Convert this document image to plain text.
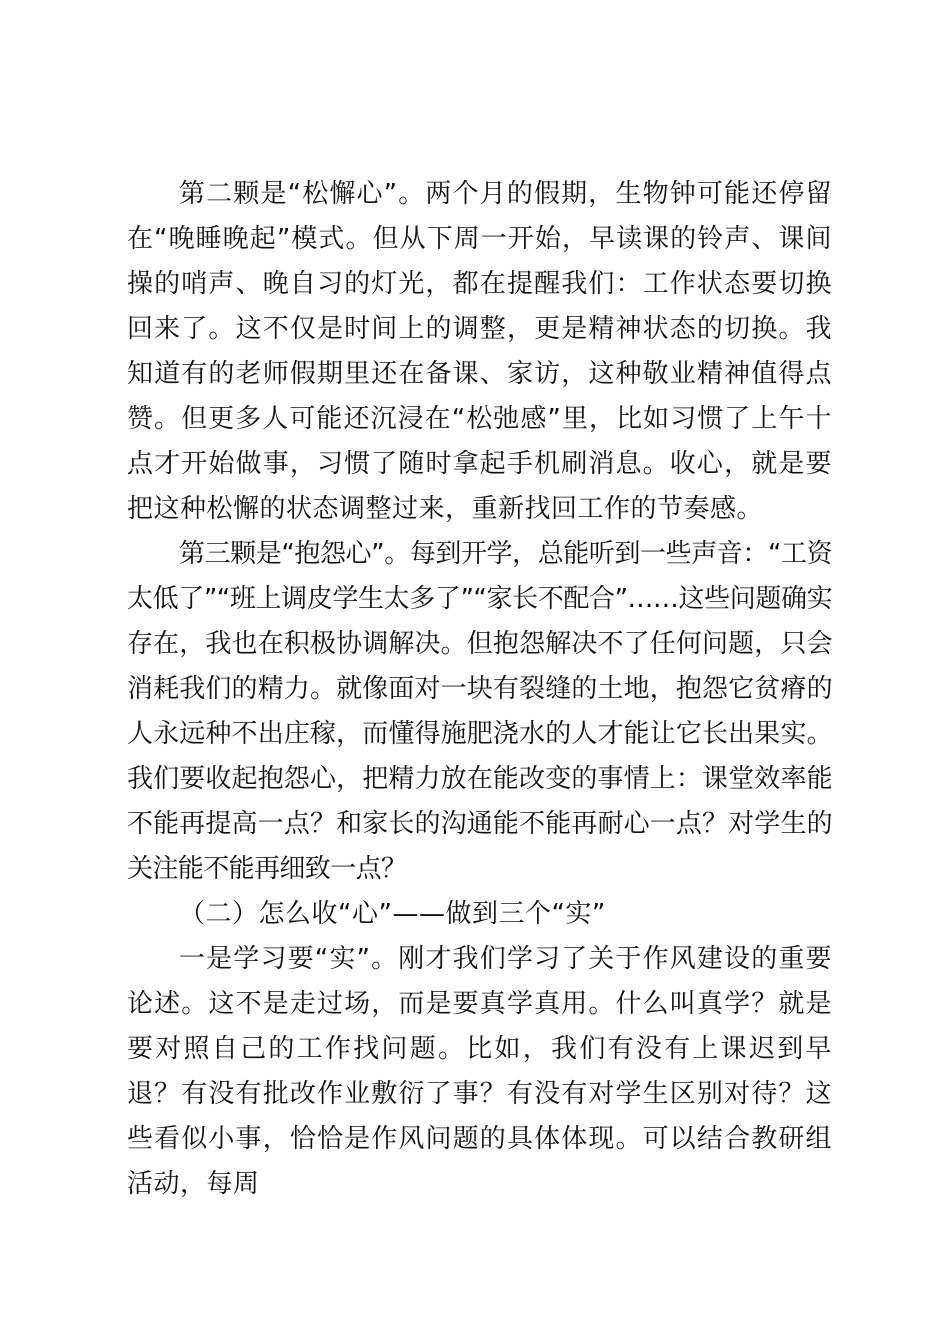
第二颗是“松懈心”。两个月的假期，生物钟可能还停留在“晚睡晚起”模式。但从下周一开始，早读课的铃声、课间操的哨声、晚自习的灯光，都在提醒我们：工作状态要切换回来了。这不仅是时间上的调整，更是精神状态的切换。我知道有的老师假期里还在备课、家访，这种敬业精神值得点赞。但更多人可能还沉浸在“松弛感”里，比如习惯了上午十点才开始做事，习惯了随时拿起手机刷消息。收心，就是要把这种松懈的状态调整过来，重新找回工作的节奏感。

第三颗是“抱怨心”。每到开学，总能听到一些声音：“工资太低了”“班上调皮学生太多了”“家长不配合”……这些问题确实存在，我也在积极协调解决。但抱怨解决不了任何问题，只会消耗我们的精力。就像面对一块有裂缝的土地，抱怨它贫瘠的人永远种不出庄稼，而懂得施肥浇水的人才能让它长出果实。我们要收起抱怨心，把精力放在能改变的事情上：课堂效率能不能再提高一点？和家长的沟通能不能再耐心一点？对学生的关注能不能再细致一点？

（二）怎么收“心”——做到三个“实”

一是学习要“实”。刚才我们学习了关于作风建设的重要论述。这不是走过场，而是要真学真用。什么叫真学？就是要对照自己的工作找问题。比如，我们有没有上课迟到早退？有没有批改作业敷衍了事？有没有对学生区别对待？这些看似小事，恰恰是作风问题的具体体现。可以结合教研组活动，每周
